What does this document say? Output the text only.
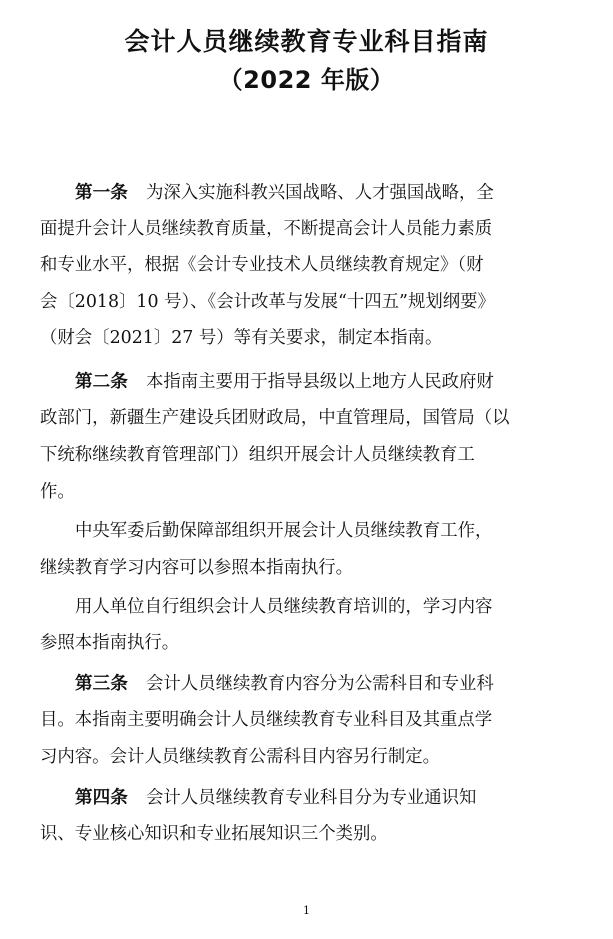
会计人员继续教育专业科目指南
（2022 年版）
第一条 为深入实施科教兴国战略、人才强国战略，全
面提升会计人员继续教育质量，不断提高会计人员能力素质
和专业水平，根据《会计专业技术人员继续教育规定》（财
会〔2018〕10 号）、《会计改革与发展“十四五”规划纲要》
（财会〔2021〕27 号）等有关要求，制定本指南。
第二条 本指南主要用于指导县级以上地方人民政府财
政部门，新疆生产建设兵团财政局，中直管理局，国管局（以
下统称继续教育管理部门）组织开展会计人员继续教育工
作。
中央军委后勤保障部组织开展会计人员继续教育工作，
继续教育学习内容可以参照本指南执行。
用人单位自行组织会计人员继续教育培训的，学习内容
参照本指南执行。
第三条 会计人员继续教育内容分为公需科目和专业科
目。本指南主要明确会计人员继续教育专业科目及其重点学
习内容。会计人员继续教育公需科目内容另行制定。
第四条 会计人员继续教育专业科目分为专业通识知
识、专业核心知识和专业拓展知识三个类别。
1
